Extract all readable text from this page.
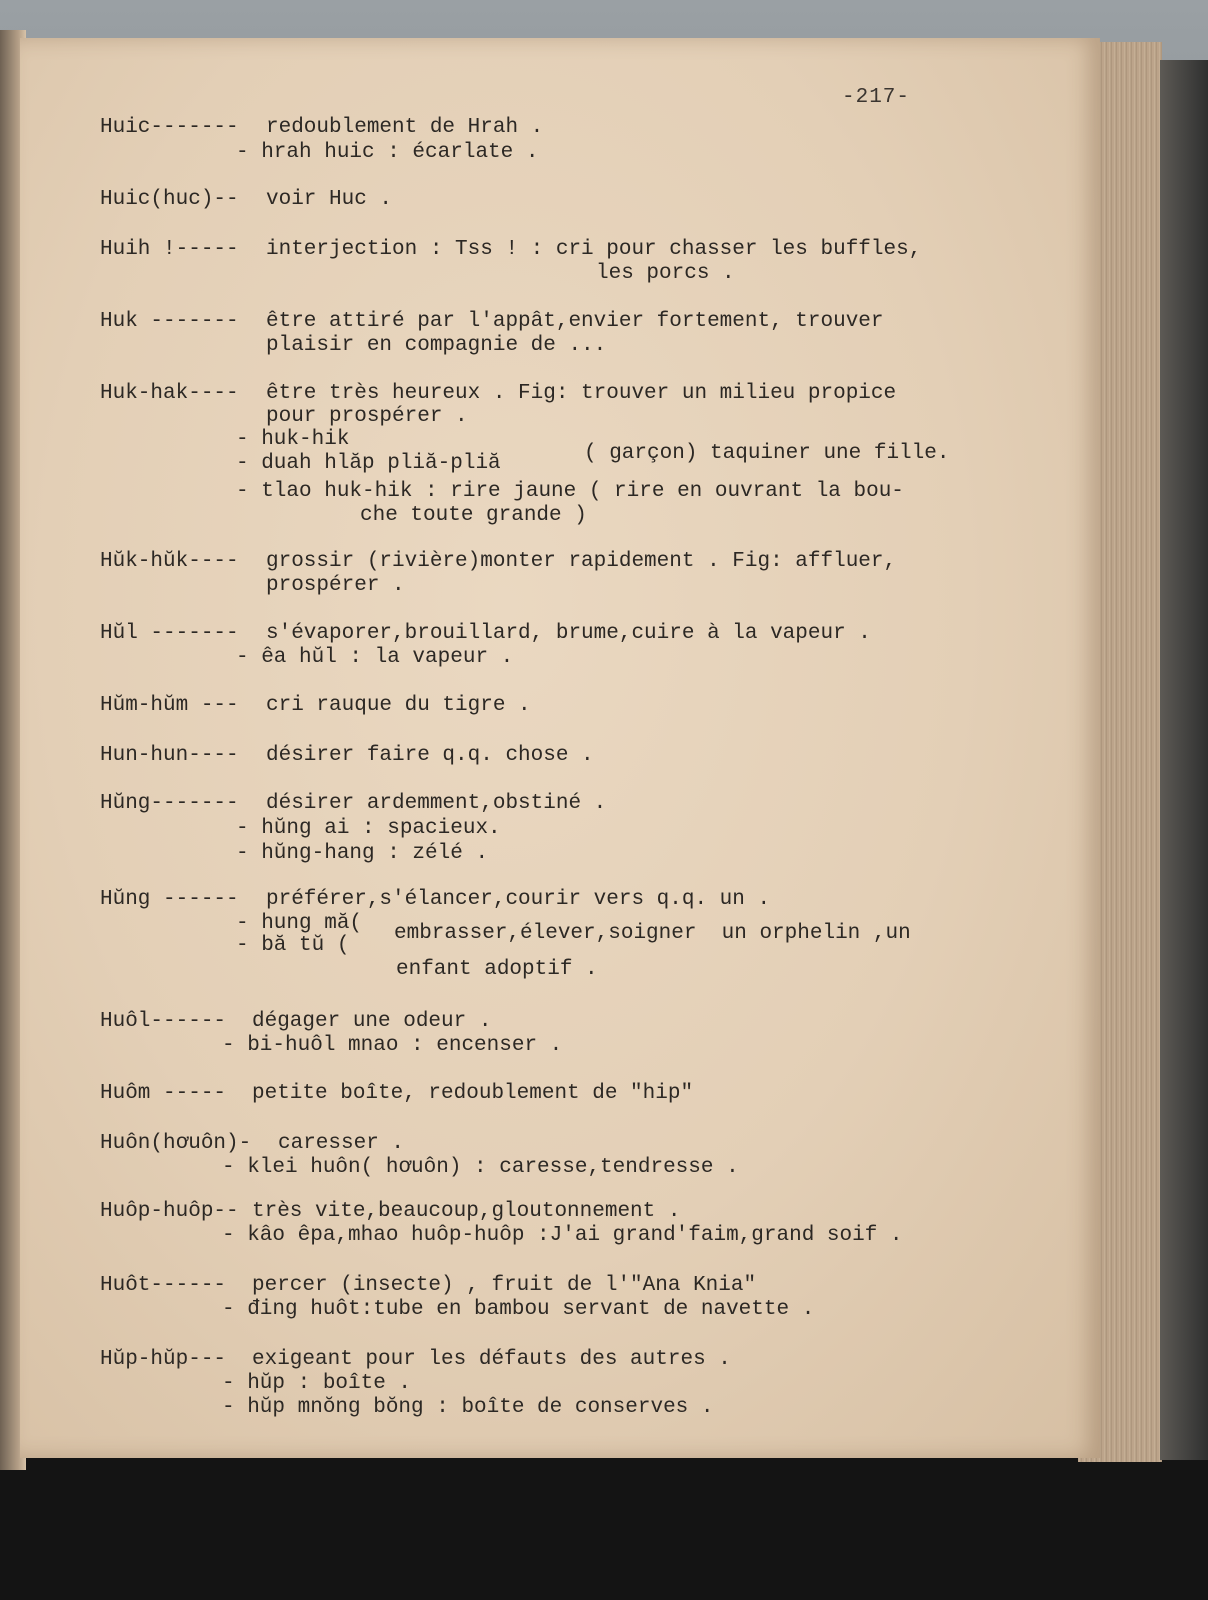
-217-
Huic------- redoublement de Hrah .
- hrah huic : écarlate .
Huic(huc)-- voir Huc .
Huih !----- interjection : Tss ! : cri pour chasser les buffles,
les porcs .
Huk ------- être attiré par l'appât,envier fortement, trouver
plaisir en compagnie de ...
Huk-hak---- être très heureux . Fig: trouver un milieu propice
pour prospérer .
- huk-hik
- duah hlăp pliă-pliă	( garçon) taquiner une fille.
- tlao huk-hik : rire jaune ( rire en ouvrant la bou-
che toute grande )
Hŭk-hŭk---- grossir (rivière)monter rapidement . Fig: affluer,
prospérer .
Hŭl ------- s'évaporer,brouillard, brume,cuire à la vapeur .
- êa hŭl : la vapeur .
Hŭm-hŭm --- cri rauque du tigre .
Hun-hun---- désirer faire q.q. chose .
Hŭng------- désirer ardemment,obstiné .
- hŭng ai : spacieux.
- hŭng-hang : zélé .
Hŭng ------ préférer,s'élancer,courir vers q.q. un .
- hung mă(
- bă tŭ (
embrasser,élever,soigner  un orphelin ,un
enfant adoptif .
Huôl------ dégager une odeur .
- bi-huôl mnao : encenser .
Huôm ----- petite boîte, redoublement de "hip"
Huôn(hơuôn)- caresser .
- klei huôn( hơuôn) : caresse,tendresse .
Huôp-huôp-- très vite,beaucoup,gloutonnement .
- kâo êpa,mhao huôp-huôp :J'ai grand'faim,grand soif .
Huôt------ percer (insecte) , fruit de l'"Ana Knia"
- đing huôt:tube en bambou servant de navette .
Hŭp-hŭp--- exigeant pour les défauts des autres .
- hŭp : boîte .
- hŭp mnŏng bŏng : boîte de conserves .
